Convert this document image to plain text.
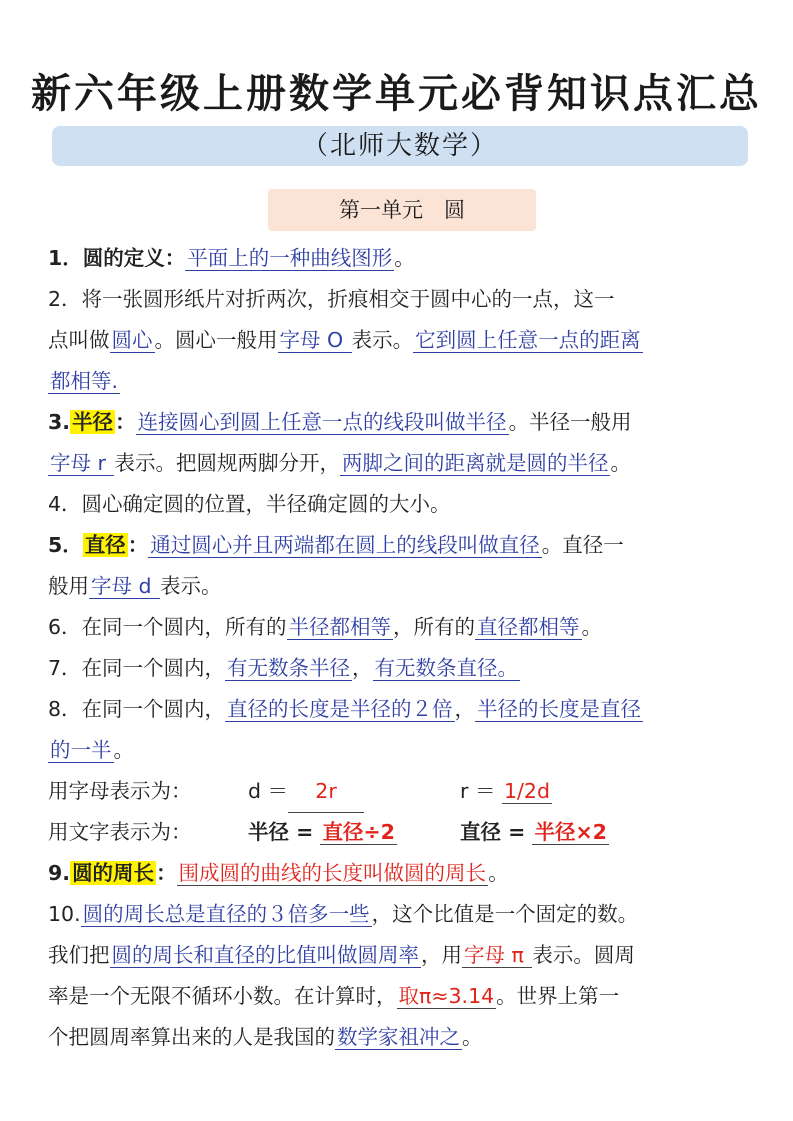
新六年级上册数学单元必背知识点汇总
（北师大数学）
第一单元　圆
1．圆的定义：平面上的一种曲线图形。
2．将一张圆形纸片对折两次，折痕相交于圆中心的一点，这一
点叫做圆心。圆心一般用字母 O 表示。它到圆上任意一点的距离
都相等.
3.半径：连接圆心到圆上任意一点的线段叫做半径。半径一般用
字母 r 表示。把圆规两脚分开，两脚之间的距离就是圆的半径。
4．圆心确定圆的位置，半径确定圆的大小。
5．直径：通过圆心并且两端都在圆上的线段叫做直径。直径一
般用字母 d 表示。
6．在同一个圆内，所有的半径都相等，所有的直径都相等。
7．在同一个圆内，有无数条半径，有无数条直径。
8．在同一个圆内，直径的长度是半径的２倍，半径的长度是直径
的一半。
用字母表示为：	d ＝ 2r	r ＝ 1/2d
用文字表示为：	半径 = 直径÷2	直径 = 半径×2
9.圆的周长：围成圆的曲线的长度叫做圆的周长。
10.圆的周长总是直径的３倍多一些，这个比值是一个固定的数。
我们把圆的周长和直径的比值叫做圆周率，用字母 π 表示。圆周
率是一个无限不循环小数。在计算时，取π≈3.14。世界上第一
个把圆周率算出来的人是我国的数学家祖冲之。
